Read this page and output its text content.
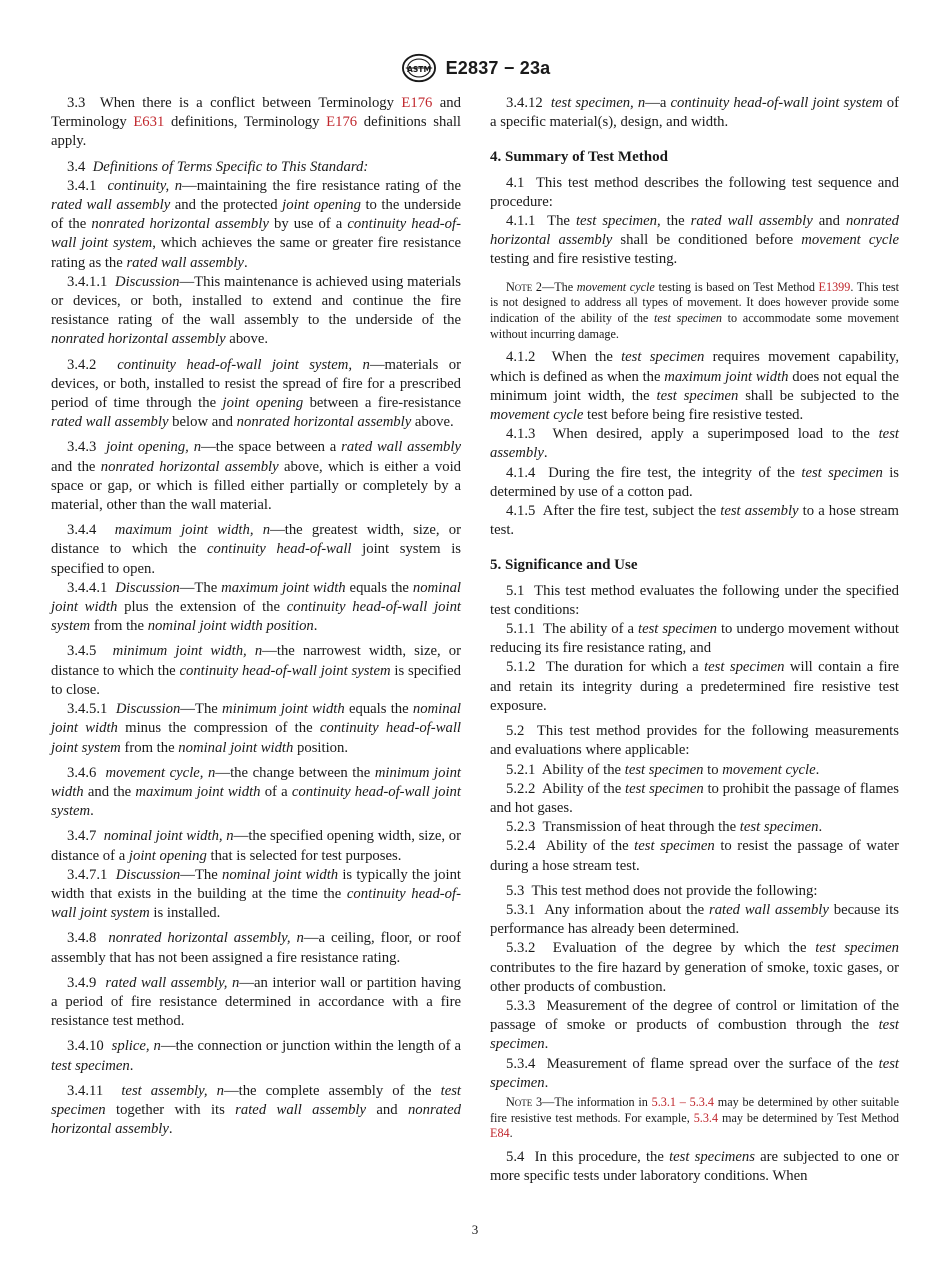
ASTM E2837 − 23a

3.3 When there is a conflict between Terminology E176 and Terminology E631 definitions, Terminology E176 definitions shall apply.

3.4 Definitions of Terms Specific to This Standard:

3.4.1 continuity, n—maintaining the fire resistance rating of the rated wall assembly and the protected joint opening to the underside of the nonrated horizontal assembly by use of a continuity head-of-wall joint system, which achieves the same or greater fire resistance rating as the rated wall assembly.

3.4.1.1 Discussion—This maintenance is achieved using materials or devices, or both, installed to extend and continue the fire resistance rating of the wall assembly to the underside of the nonrated horizontal assembly above.

3.4.2 continuity head-of-wall joint system, n—materials or devices, or both, installed to resist the spread of fire for a prescribed period of time through the joint opening between a fire-resistance rated wall assembly below and nonrated horizontal assembly above.

3.4.3 joint opening, n—the space between a rated wall assembly and the nonrated horizontal assembly above, which is either a void space or gap, or which is filled either partially or completely by a material, other than the wall material.

3.4.4 maximum joint width, n—the greatest width, size, or distance to which the continuity head-of-wall joint system is specified to open.

3.4.4.1 Discussion—The maximum joint width equals the nominal joint width plus the extension of the continuity head-of-wall joint system from the nominal joint width position.

3.4.5 minimum joint width, n—the narrowest width, size, or distance to which the continuity head-of-wall joint system is specified to close.

3.4.5.1 Discussion—The minimum joint width equals the nominal joint width minus the compression of the continuity head-of-wall joint system from the nominal joint width position.

3.4.6 movement cycle, n—the change between the minimum joint width and the maximum joint width of a continuity head-of-wall joint system.

3.4.7 nominal joint width, n—the specified opening width, size, or distance of a joint opening that is selected for test purposes.

3.4.7.1 Discussion—The nominal joint width is typically the joint width that exists in the building at the time the continuity head-of-wall joint system is installed.

3.4.8 nonrated horizontal assembly, n—a ceiling, floor, or roof assembly that has not been assigned a fire resistance rating.

3.4.9 rated wall assembly, n—an interior wall or partition having a period of fire resistance determined in accordance with a fire resistance test method.

3.4.10 splice, n—the connection or junction within the length of a test specimen.

3.4.11 test assembly, n—the complete assembly of the test specimen together with its rated wall assembly and nonrated horizontal assembly.

3.4.12 test specimen, n—a continuity head-of-wall joint system of a specific material(s), design, and width.

4. Summary of Test Method

4.1 This test method describes the following test sequence and procedure:

4.1.1 The test specimen, the rated wall assembly and nonrated horizontal assembly shall be conditioned before movement cycle testing and fire resistive testing.

Note 2—The movement cycle testing is based on Test Method E1399. This test is not designed to address all types of movement. It does however provide some indication of the ability of the test specimen to accommodate some movement without incurring damage.

4.1.2 When the test specimen requires movement capability, which is defined as when the maximum joint width does not equal the minimum joint width, the test specimen shall be subjected to the movement cycle test before being fire resistive tested.

4.1.3 When desired, apply a superimposed load to the test assembly.

4.1.4 During the fire test, the integrity of the test specimen is determined by use of a cotton pad.

4.1.5 After the fire test, subject the test assembly to a hose stream test.

5. Significance and Use

5.1 This test method evaluates the following under the specified test conditions:

5.1.1 The ability of a test specimen to undergo movement without reducing its fire resistance rating, and

5.1.2 The duration for which a test specimen will contain a fire and retain its integrity during a predetermined fire resistive test exposure.

5.2 This test method provides for the following measurements and evaluations where applicable:

5.2.1 Ability of the test specimen to movement cycle.

5.2.2 Ability of the test specimen to prohibit the passage of flames and hot gases.

5.2.3 Transmission of heat through the test specimen.

5.2.4 Ability of the test specimen to resist the passage of water during a hose stream test.

5.3 This test method does not provide the following:

5.3.1 Any information about the rated wall assembly because its performance has already been determined.

5.3.2 Evaluation of the degree by which the test specimen contributes to the fire hazard by generation of smoke, toxic gases, or other products of combustion.

5.3.3 Measurement of the degree of control or limitation of the passage of smoke or products of combustion through the test specimen.

5.3.4 Measurement of flame spread over the surface of the test specimen.

Note 3—The information in 5.3.1 – 5.3.4 may be determined by other suitable fire resistive test methods. For example, 5.3.4 may be determined by Test Method E84.

5.4 In this procedure, the test specimens are subjected to one or more specific tests under laboratory conditions. When

3
